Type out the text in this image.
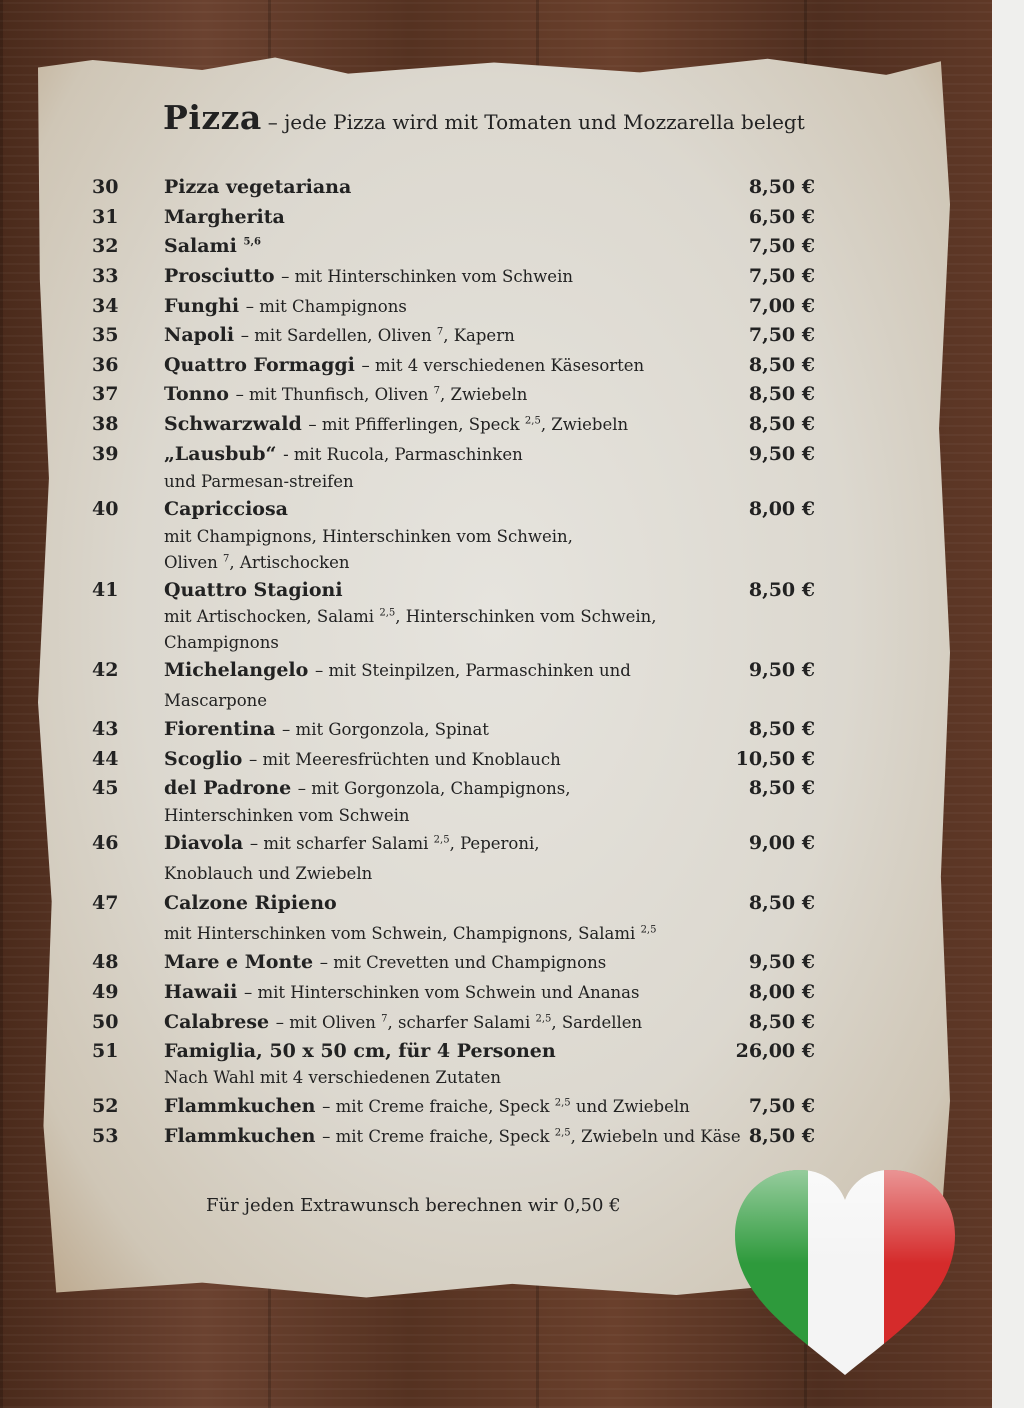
Pizza – jede Pizza wird mit Tomaten und Mozzarella belegt
30	Pizza vegetariana	8,50 €
31	Margherita	6,50 €
32	Salami $^{5,6}$	7,50 €
33	Prosciutto – mit Hinterschinken vom Schwein	7,50 €
34	Funghi – mit Champignons	7,00 €
35	Napoli – mit Sardellen, Oliven $^7$, Kapern	7,50 €
36	Quattro Formaggi – mit 4 verschiedenen Käsesorten	8,50 €
37	Tonno – mit Thunfisch, Oliven $^7$, Zwiebeln	8,50 €
38	Schwarzwald – mit Pfifferlingen, Speck $^{2,5}$, Zwiebeln	8,50 €
39	„Lausbub“ - mit Rucola, Parmaschinken	9,50 €
und Parmesan-streifen
40	Capricciosa	8,00 €
mit Champignons, Hinterschinken vom Schwein,
Oliven $^7$, Artischocken
41	Quattro Stagioni	8,50 €
mit Artischocken, Salami $^{2,5}$, Hinterschinken vom Schwein,
Champignons
42	Michelangelo – mit Steinpilzen, Parmaschinken und	9,50 €
Mascarpone
43	Fiorentina – mit Gorgonzola, Spinat	8,50 €
44	Scoglio – mit Meeresfrüchten und Knoblauch	10,50 €
45	del Padrone – mit Gorgonzola, Champignons,	8,50 €
Hinterschinken vom Schwein
46	Diavola – mit scharfer Salami $^{2,5}$, Peperoni,	9,00 €
Knoblauch und Zwiebeln
47	Calzone Ripieno	8,50 €
mit Hinterschinken vom Schwein, Champignons, Salami $^{2,5}$
48	Mare e Monte – mit Crevetten und Champignons	9,50 €
49	Hawaii – mit Hinterschinken vom Schwein und Ananas	8,00 €
50	Calabrese – mit Oliven $^7$, scharfer Salami $^{2,5}$, Sardellen	8,50 €
51	Famiglia, 50 x 50 cm, für 4 Personen	26,00 €
Nach Wahl mit 4 verschiedenen Zutaten
52	Flammkuchen – mit Creme fraiche, Speck $^{2,5}$ und Zwiebeln	7,50 €
53	Flammkuchen – mit Creme fraiche, Speck $^{2,5}$, Zwiebeln und Käse 8,50 €
Für jeden Extrawunsch berechnen wir 0,50 €
